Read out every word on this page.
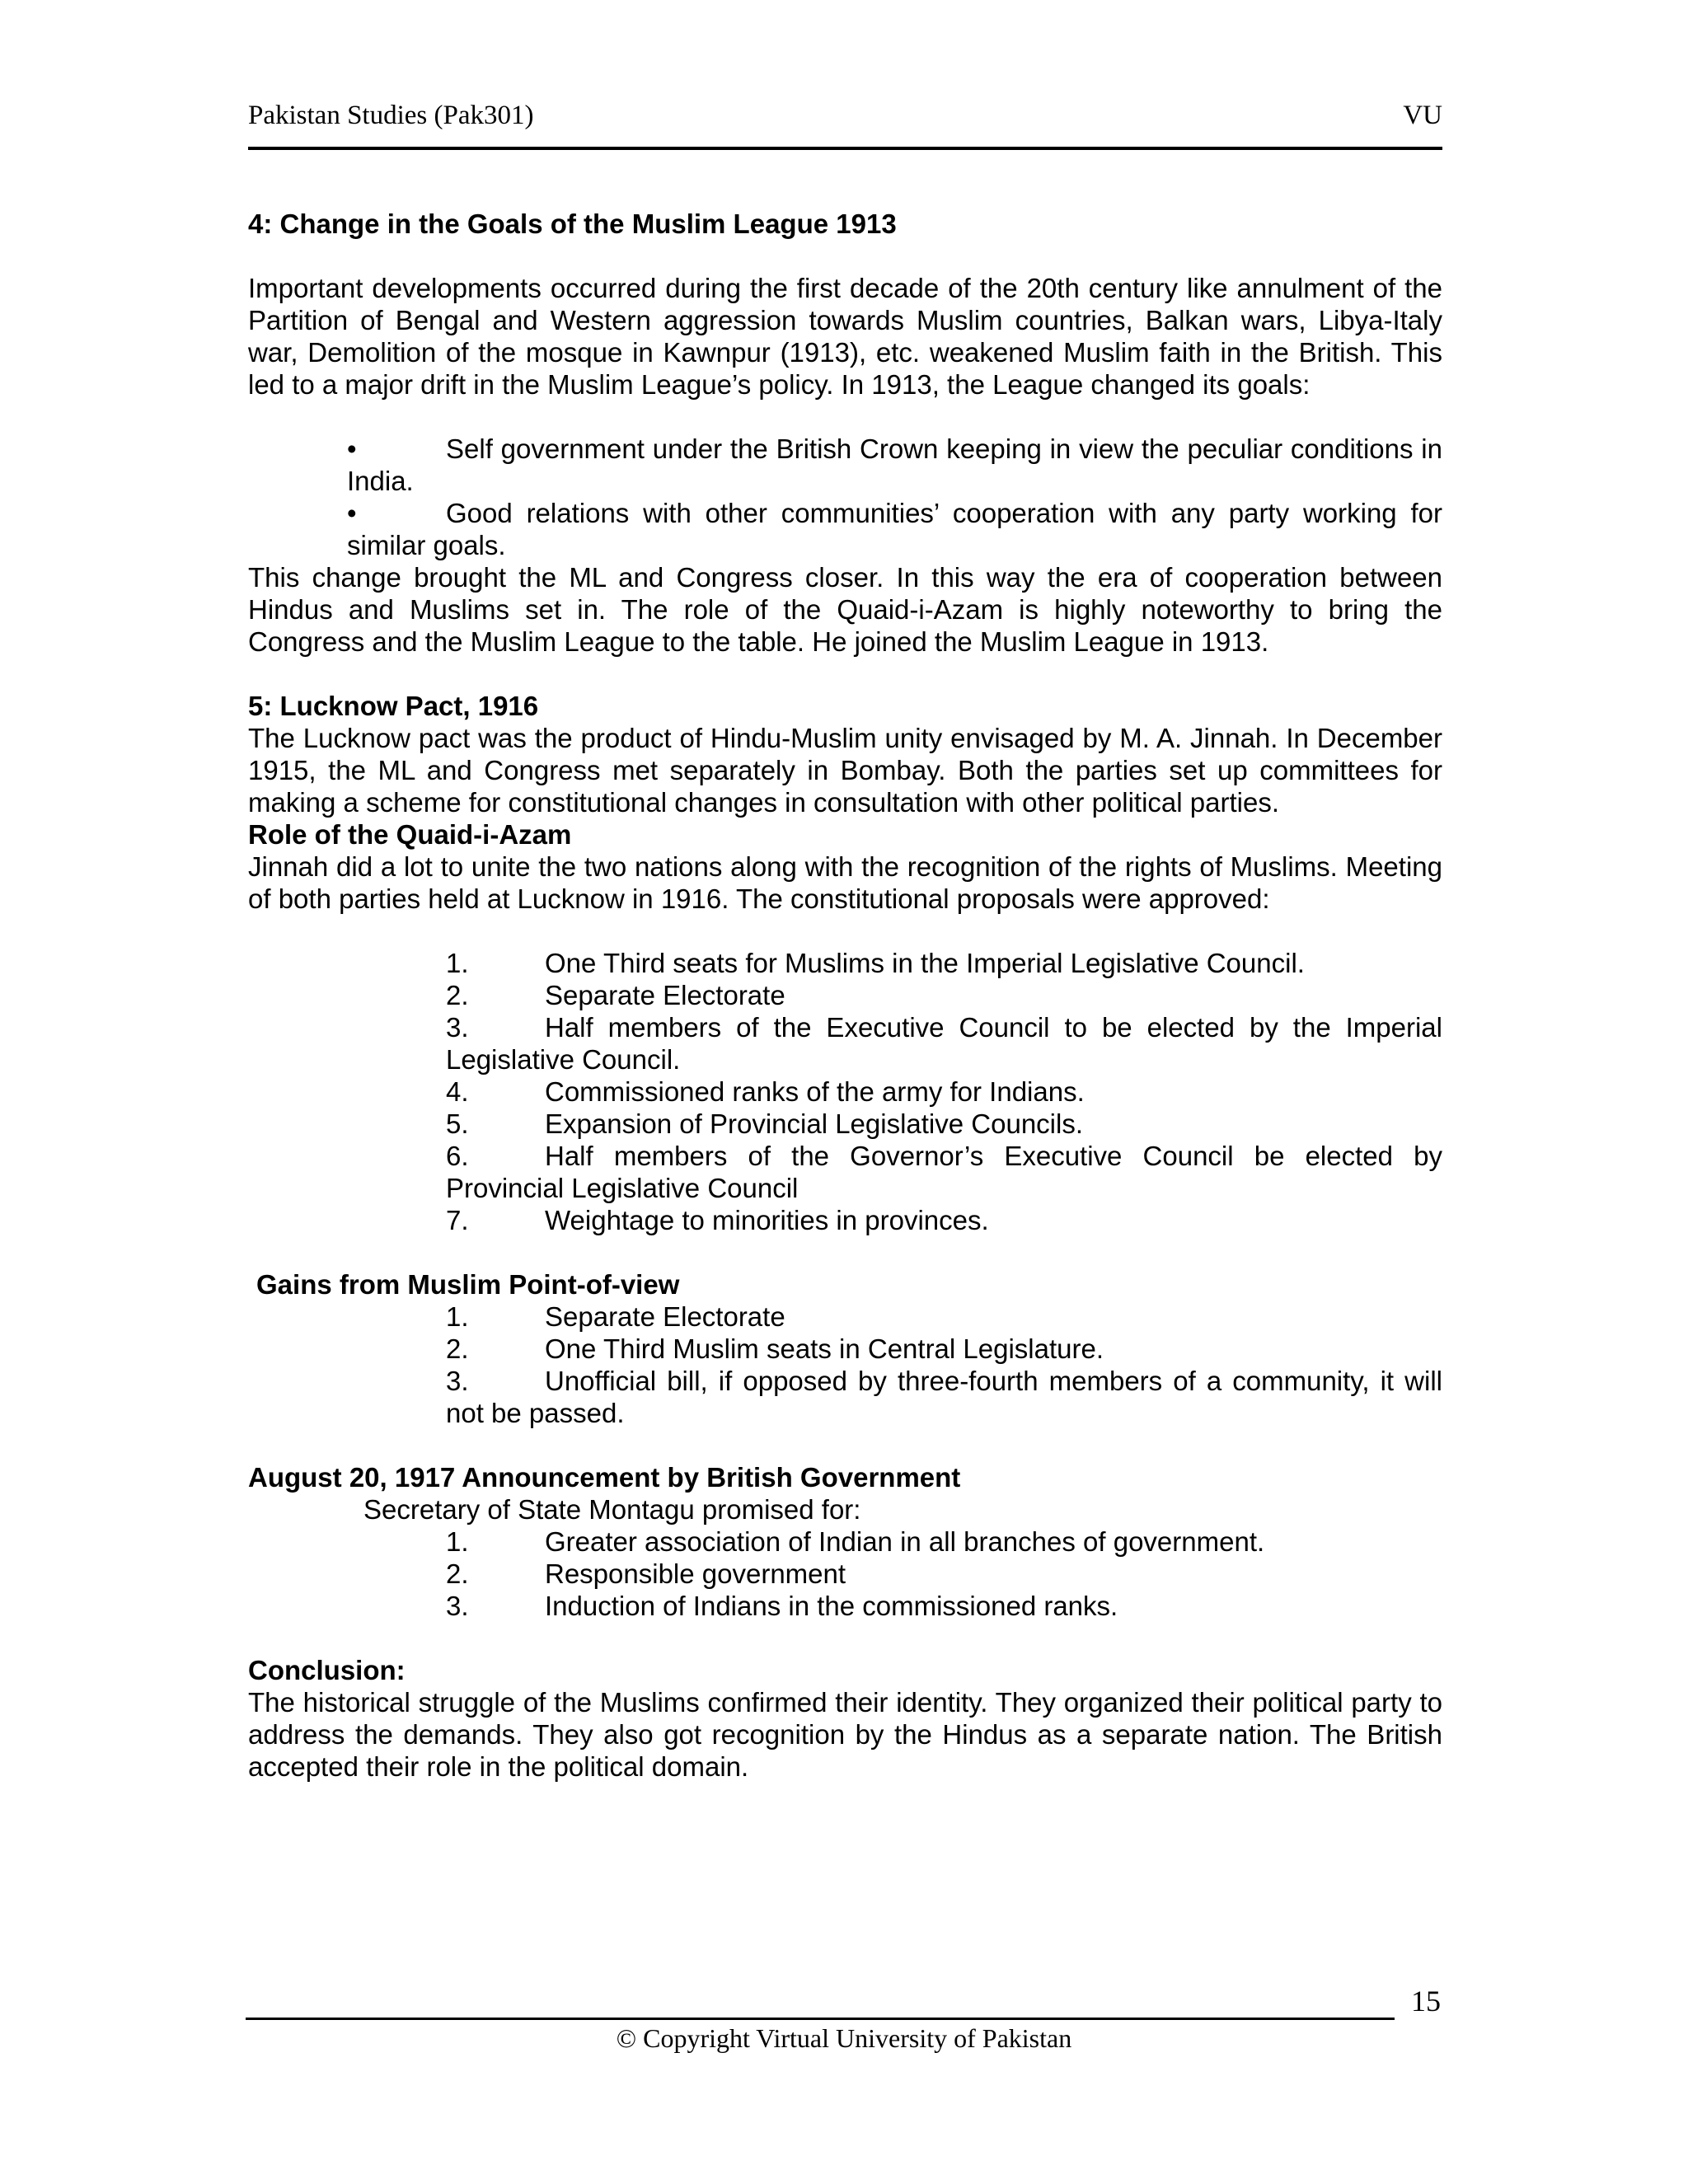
Pakistan Studies (Pak301)	VU
4: Change in the Goals of the Muslim League 1913

Important developments occurred during the first decade of the 20th century like annulment of the Partition of Bengal and Western aggression towards Muslim countries, Balkan wars, Libya-Italy war, Demolition of the mosque in Kawnpur (1913), etc. weakened Muslim faith in the British. This led to a major drift in the Muslim League’s policy. In 1913, the League changed its goals:

•	Self government under the British Crown keeping in view the peculiar conditions in India.
•	Good relations with other communities’ cooperation with any party working for similar goals.

This change brought the ML and Congress closer. In this way the era of cooperation between Hindus and Muslims set in. The role of the Quaid-i-Azam is highly noteworthy to bring the Congress and the Muslim League to the table. He joined the Muslim League in 1913.

5: Lucknow Pact, 1916

The Lucknow pact was the product of Hindu-Muslim unity envisaged by M. A. Jinnah. In December 1915, the ML and Congress met separately in Bombay. Both the parties set up committees for making a scheme for constitutional changes in consultation with other political parties.

Role of the Quaid-i-Azam

Jinnah did a lot to unite the two nations along with the recognition of the rights of Muslims. Meeting of both parties held at Lucknow in 1916. The constitutional proposals were approved:

1.	One Third seats for Muslims in the Imperial Legislative Council.
2.	Separate Electorate
3.	Half members of the Executive Council to be elected by the Imperial Legislative Council.
4.	Commissioned ranks of the army for Indians.
5.	Expansion of Provincial Legislative Councils.
6.	Half members of the Governor’s Executive Council be elected by Provincial Legislative Council
7.	Weightage to minorities in provinces.
Gains from Muslim Point-of-view
1.	Separate Electorate
2.	One Third Muslim seats in Central Legislature.
3.	Unofficial bill, if opposed by three-fourth members of a community, it will not be passed.
August 20, 1917 Announcement by British Government
Secretary of State Montagu promised for:
1.	Greater association of Indian in all branches of government.
2.	Responsible government
3.	Induction of Indians in the commissioned ranks.
Conclusion:

The historical struggle of the Muslims confirmed their identity. They organized their political party to address the demands. They also got recognition by the Hindus as a separate nation. The British accepted their role in the political domain.

15
© Copyright Virtual University of Pakistan
